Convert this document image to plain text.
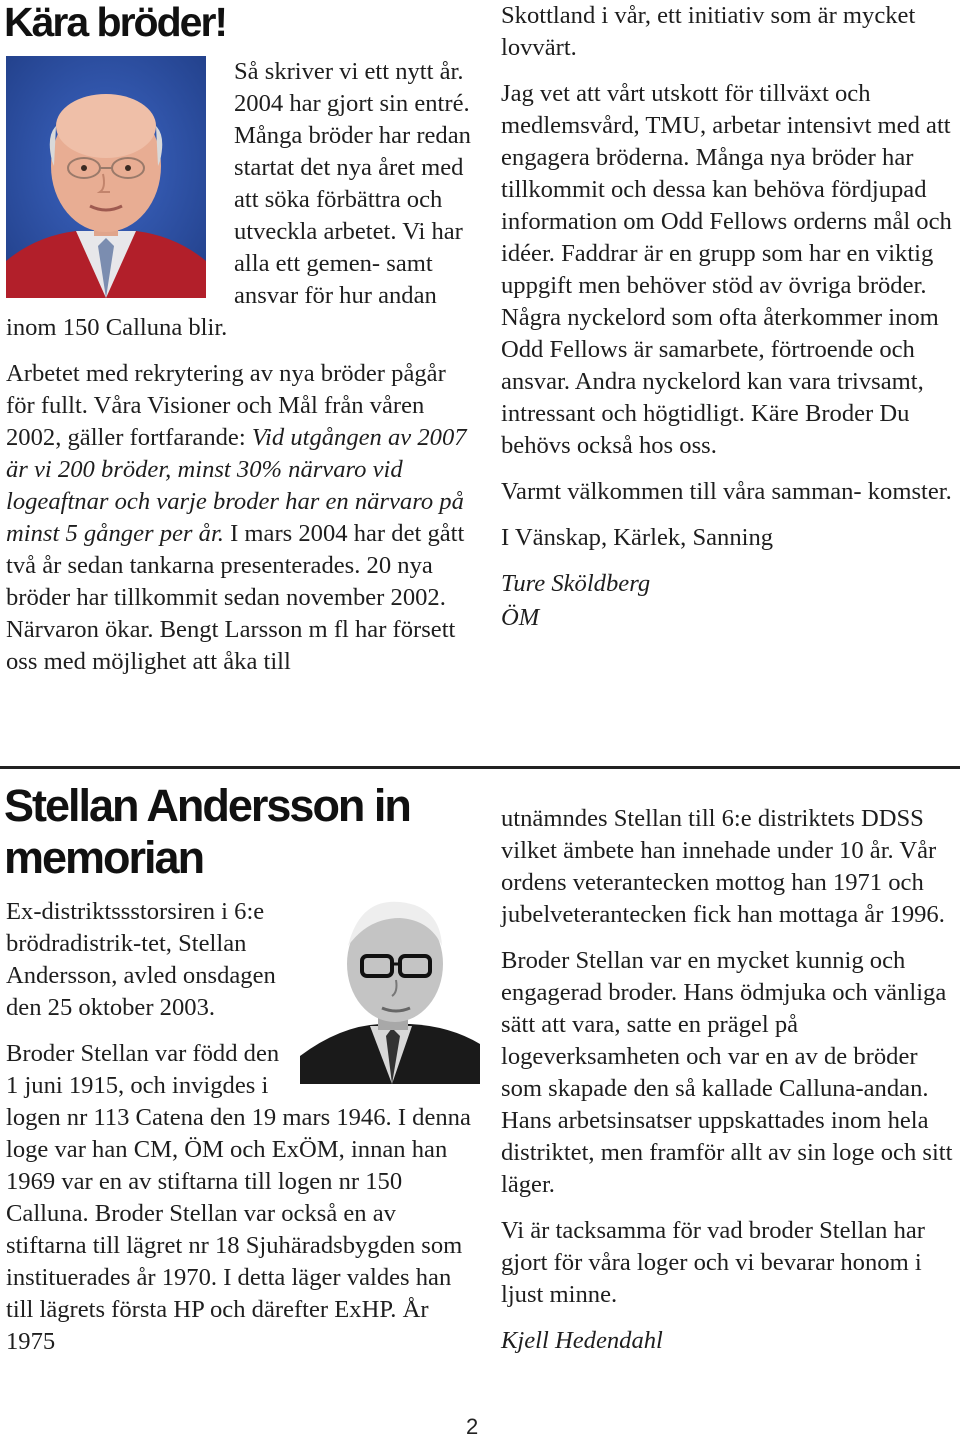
Kära bröder!

Så skriver vi ett nytt år. 2004 har gjort sin entré. Många bröder har redan startat det nya året med att söka förbättra och utveckla arbetet. Vi har alla ett gemen- samt ansvar för hur andan inom 150 Calluna blir.

Arbetet med rekrytering av nya bröder pågår för fullt. Våra Visioner och Mål från våren 2002, gäller fortfarande: Vid utgången av 2007 är vi 200 bröder, minst 30% närvaro vid logeaftnar och varje broder har en närvaro på minst 5 gånger per år. I mars 2004 har det gått två år sedan tankarna presenterades. 20 nya bröder har tillkommit sedan november 2002. Närvaron ökar. Bengt Larsson m fl har försett oss med möjlighet att åka till

Skottland i vår, ett initiativ som är mycket lovvärt.

Jag vet att vårt utskott för tillväxt och medlemsvård, TMU, arbetar intensivt med att engagera bröderna. Många nya bröder har tillkommit och dessa kan behöva fördjupad information om Odd Fellows orderns mål och idéer. Faddrar är en grupp som har en viktig uppgift men behöver stöd av övriga bröder. Några nyckelord som ofta återkommer inom Odd Fellows är samarbete, förtroende och ansvar. Andra nyckelord kan vara trivsamt, intressant och högtidligt. Käre Broder Du behövs också hos oss.

Varmt välkommen till våra samman- komster.

I Vänskap, Kärlek, Sanning

Ture Sköldberg
ÖM
Stellan Andersson in memorian

Ex-distriktssstorsiren i 6:e brödradistrik-tet, Stellan Andersson, avled onsdagen den 25 oktober 2003.

Broder Stellan var född den 1 juni 1915, och invigdes i logen nr 113 Catena den 19 mars 1946. I denna loge var han CM, ÖM och ExÖM, innan han 1969 var en av stiftarna till logen nr 150 Calluna. Broder Stellan var också en av stiftarna till lägret nr 18 Sjuhäradsbygden som instituerades år 1970. I detta läger valdes han till lägrets första HP och därefter ExHP. År 1975

utnämndes Stellan till 6:e distriktets DDSS vilket ämbete han innehade under 10 år. Vår ordens veterantecken mottog han 1971 och jubelveterantecken fick han mottaga år 1996.

Broder Stellan var en mycket kunnig och engagerad broder. Hans ödmjuka och vänliga sätt att vara, satte en prägel på logeverksamheten och var en av de bröder som skapade den så kallade Calluna-andan. Hans arbetsinsatser uppskattades inom hela distriktet, men framför allt av sin loge och sitt läger.

Vi är tacksamma för vad broder Stellan har gjort för våra loger och vi bevarar honom i ljust minne.

Kjell Hedendahl
2
